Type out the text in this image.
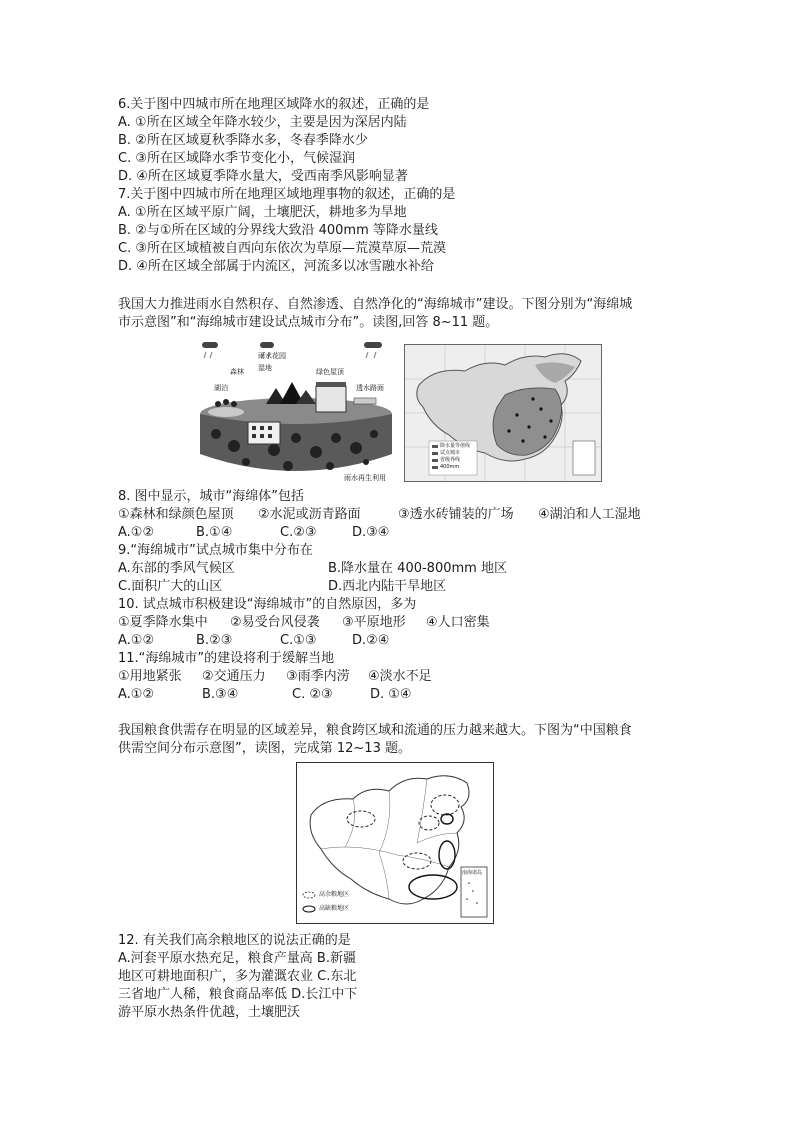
6.关于图中四城市所在地理区域降水的叙述，正确的是
A. ①所在区域全年降水较少，主要是因为深居内陆
B. ②所在区域夏秋季降水多，冬春季降水少
C. ③所在区域降水季节变化小，气候湿润
D. ④所在区域夏季降水量大，受西南季风影响显著
7.关于图中四城市所在地理区域地理事物的叙述，正确的是
A. ①所在区域平原广阔，土壤肥沃，耕地多为旱地
B. ②与①所在区域的分界线大致沿 400mm 等降水量线
C. ③所在区域植被自西向东依次为草原—荒漠草原—荒漠
D. ④所在区域全部属于内流区，河流多以冰雪融水补给
我国大力推进雨水自然积存、自然渗透、自然净化的“海绵城市”建设。下图分别为“海绵城
市示意图”和“海绵城市建设试点城市分布”。读图,回答 8~11 题。
雨水花园
森林 湿地	绿色屋顶
湖泊	透水路面
雨水再生利用
降水量等值线
试点城市
省级界线
400mm
8. 图中显示，城市“海绵体”包括
①森林和绿颜色屋顶 ②水泥或沥青路面	③透水砖铺装的广场 ④湖泊和人工湿地
A.①②	B.①④	C.②③	D.③④
9.“海绵城市”试点城市集中分布在
A.东部的季风气候区	B.降水量在 400-800mm 地区
C.面积广大的山区	D.西北内陆干旱地区
10. 试点城市积极建设“海绵城市”的自然原因，多为
①夏季降水集中 ②易受台风侵袭 ③平原地形 ④人口密集
A.①②	B.②③	C.①③	D.②④
11.“海绵城市”的建设将利于缓解当地
①用地紧张 ②交通压力 ③雨季内涝 ④淡水不足
A.①②	B.③④	C. ②③	D. ①④
我国粮食供需存在明显的区域差异，粮食跨区域和流通的压力越来越大。下图为“中国粮食
供需空间分布示意图”，读图，完成第 12~13 题。
高余粮地区
高缺粮地区
南海诸岛
12. 有关我们高余粮地区的说法正确的是
A.河套平原水热充足，粮食产量高 B.新疆
地区可耕地面积广，多为灌溉农业 C.东北
三省地广人稀，粮食商品率低 D.长江中下
游平原水热条件优越，土壤肥沃
